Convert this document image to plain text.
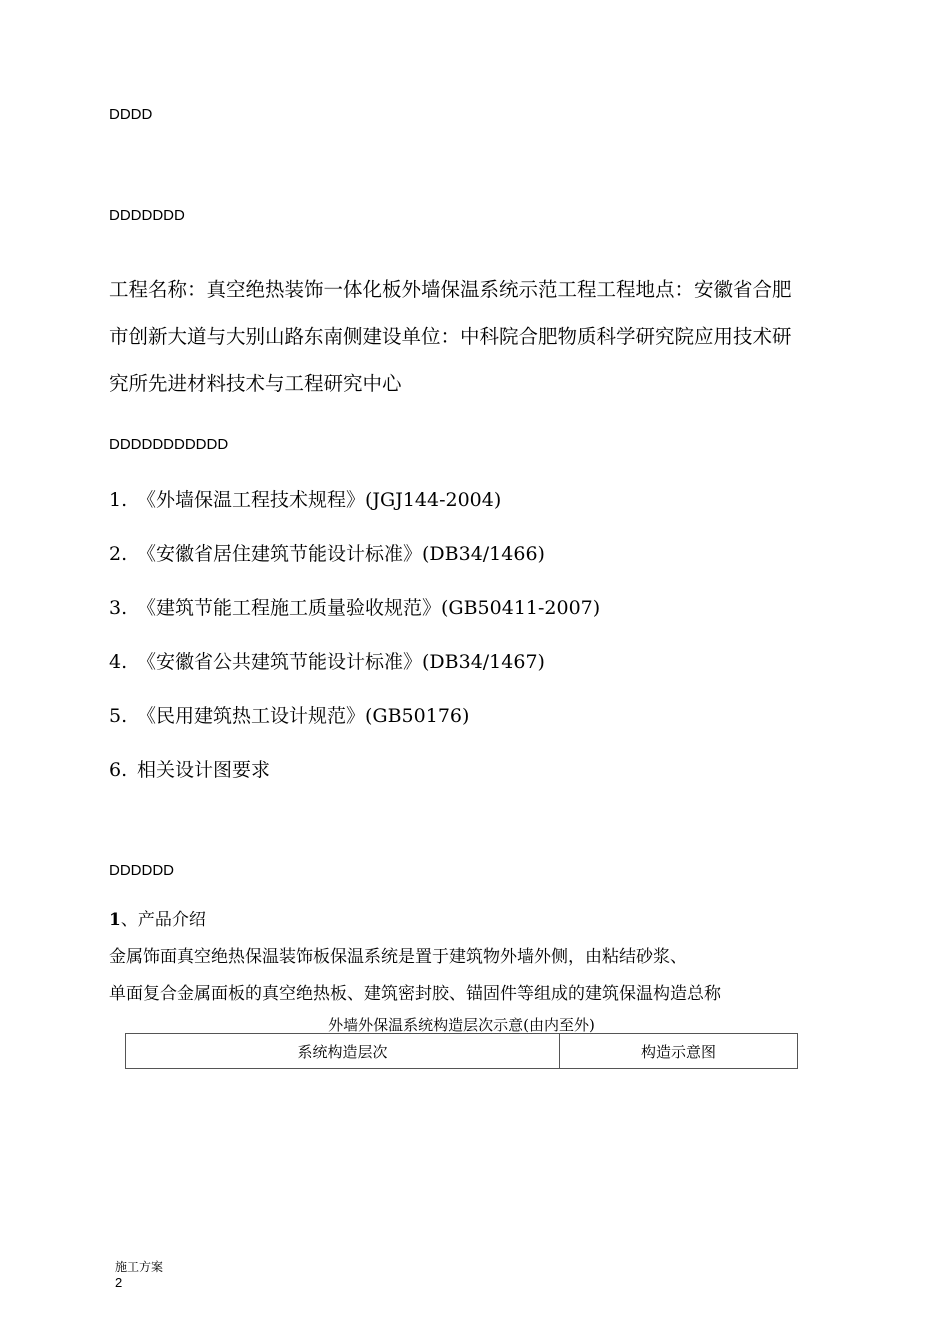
DDDD
DDDDDDD
工程名称：真空绝热装饰一体化板外墙保温系统示范工程工程地点：安徽省合肥市创新大道与大别山路东南侧建设单位：中科院合肥物质科学研究院应用技术研究所先进材料技术与工程研究中心
DDDDDDDDDDD
1. 《外墙保温工程技术规程》(JGJ144-2004)
2. 《安徽省居住建筑节能设计标准》(DB34/1466)
3. 《建筑节能工程施工质量验收规范》(GB50411-2007)
4. 《安徽省公共建筑节能设计标准》(DB34/1467)
5. 《民用建筑热工设计规范》(GB50176)
6. 相关设计图要求
DDDDDD
1、产品介绍
金属饰面真空绝热保温装饰板保温系统是置于建筑物外墙外侧，由粘结砂浆、
单面复合金属面板的真空绝热板、建筑密封胶、锚固件等组成的建筑保温构造总称
外墙外保温系统构造层次示意(由内至外)
系统构造层次	构造示意图
施工方案
2
